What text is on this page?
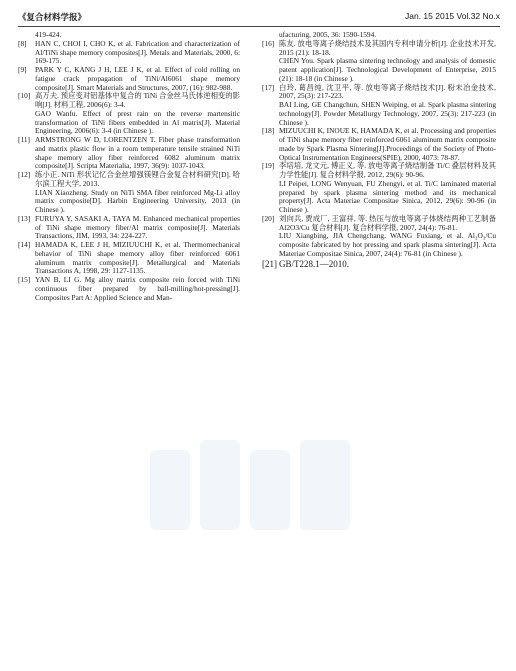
《复合材料学报》	Jan. 15 2015 Vol.32 No.x

419-424.

[8] HAN C, CHOI I, CHO K, et al. Fabrication and characterization of Al/TiNi shape memory composites[J]. Metals and Materials, 2000, 6: 169-175.

[9] PARK Y C, KANG J H, LEE J K, et al. Effect of cold rolling on fatigue crack propagation of TiNi/Al6061 shape memory composite[J]. Smart Materials and Structures, 2007, (16): 982-988.

[10] 高万夫. 预应变对铝基体中复合的 TiNi 合金丝马氏体逆相变的影响[J]. 材料工程, 2006(6): 3-4.
GAO Wanfu. Effect of prest rain on the reverse martensitic transformation of TiNi fibers embedded in Al matrix[J]. Material Engineering, 2006(6): 3-4 (in Chinese ).

[11] ARMSTRONG W D, LORENTZEN T. Fiber phase transformation and matrix plastic flow in a room temperature tensile strained NiTi shape memory alloy fiber reinforced 6082 aluminum matrix composite[J]. Scripta Materialia, 1997, 36(9): 1037-1043.

[12] 练小正. NiTi 形状记忆合金丝增强镁锂合金复合材料研究[D]. 哈尔滨工程大学, 2013.
LIAN Xiaozheng. Study on NiTi SMA fiber reinforced Mg-Li alloy matrix composite[D]. Harbin Engineering University, 2013 (in Chinese ).

[13] FURUYA Y, SASAKI A, TAYA M. Enhanced mechanical properties of TiNi shape memory fiber/Al matrix composite[J]. Materials Transactions, JIM, 1993, 34: 224-227.

[14] HAMADA K, LEE J H, MIZIUUCHI K, et al. Thermomechanical behavior of TiNi shape memory alloy fiber reinforced 6061 aluminum matrix composite[J]. Metallurgical and Materials Transactions A, 1998, 29: 1127-1135.

[15] YAN B, LI G. Mg alloy matrix composite rein forced with TiNi continuous fiber prepared by ball-milling/hot-pressing[J]. Composites Part A: Applied Science and Man-

ufacturing, 2005, 36: 1590-1594.

[16] 陈友. 放电等离子烧结技术及其国内专利申请分析[J]. 企业技术开发, 2015 (21): 18-18.
CHEN You. Spark plasma sintering technology and analysis of domestic patent application[J]. Technological Development of Enterprise, 2015 (21): 18-18 (in Chinese ).

[17] 白玲, 葛昌纯, 沈卫平, 等. 放电等离子烧结技术[J]. 粉末冶金技术, 2007, 25(3): 217-223.
BAI Ling, GE Changchun, SHEN Weiping, et al. Spark plasma sintering technology[J]. Powder Metallurgy Technology, 2007, 25(3): 217-223 (in Chinese ).

[18] MIZUUCHI K, INOUE K, HAMADA K, et al. Processing and properties of TiNi shape memory fiber reinforced 6061 aluminum matrix composite made by Spark Plasma Sintering[J].Proceedings of the Society of Photo-Optical Instrumentation Engineers(SPIE), 2000, 4073: 78-87.

[19] 李培培, 龙文元, 傅正义, 等. 放电等离子烧结制备 Ti/C 叠层材料及其力学性能[J]. 复合材料学报, 2012, 29(6): 90-96.
LI Peipei, LONG Wenyuan, FU Zhengyi, et al. Ti/C laminated material prepared by spark plasma sintering method and its mechanical property[J]. Acta Materiae Compositae Sinica, 2012, 29(6): 90-96 (in Chinese ).

[20] 刘向兵, 贾成厂, 王富祥, 等. 热压与放电等离子体烧结两种工艺制备 Al2O3/Cu 复合材料[J]. 复合材料学报, 2007, 24(4): 76-81.
LIU Xiangbing, JIA Chengchang, WANG Fuxiang, et al. Al₂O₃/Cu composite fabricated by hot pressing and spark plasma sintering[J]. Acta Materiae Compositae Sinica, 2007, 24(4): 76-81 (in Chinese ).

[21] GB/T228.1—2010.
